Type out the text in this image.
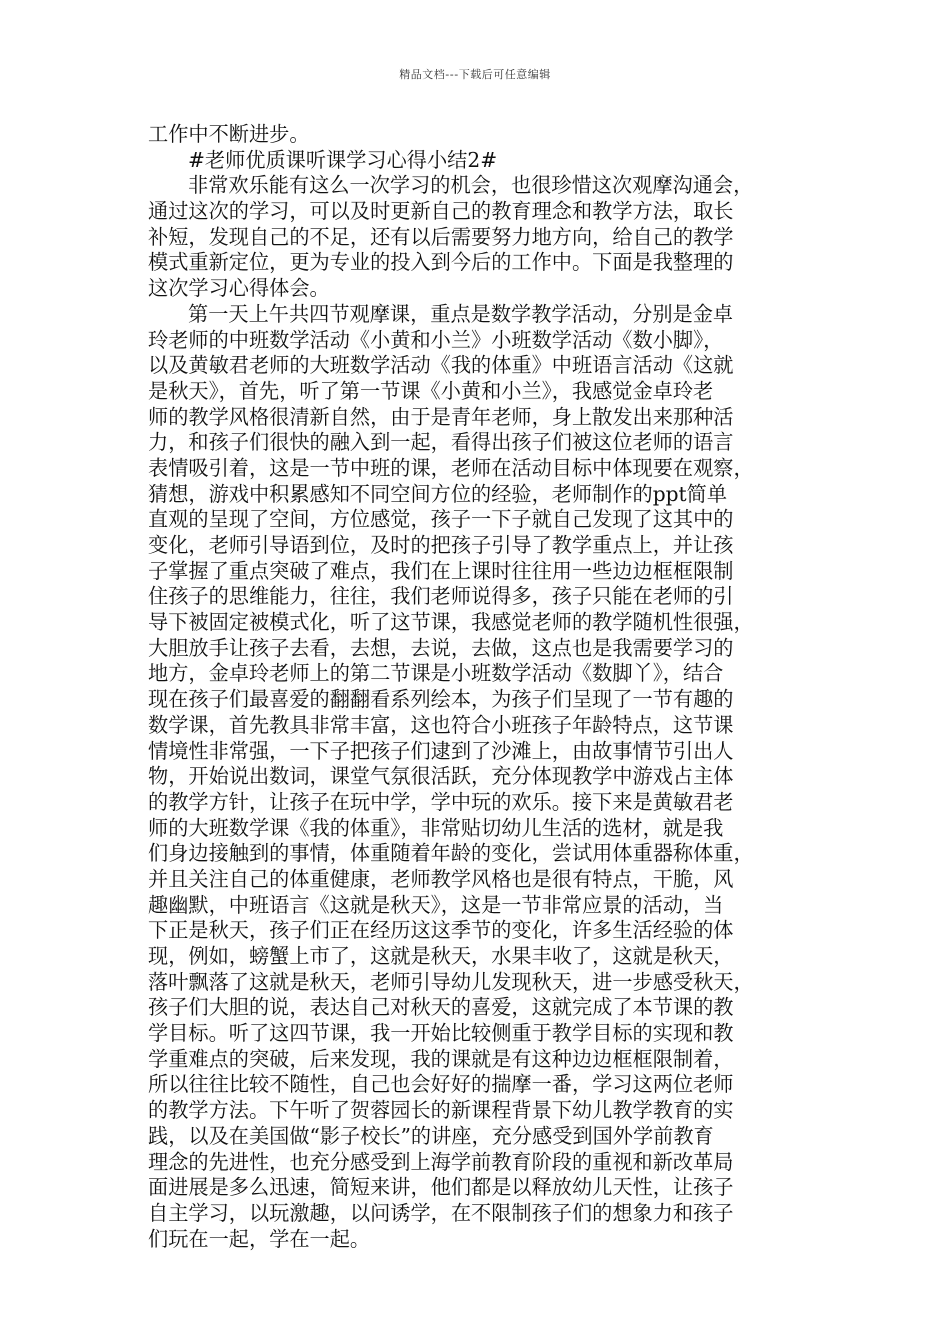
精品文档---下载后可任意编辑
工作中不断进步。
#老师优质课听课学习心得小结2#
非常欢乐能有这么一次学习的机会，也很珍惜这次观摩沟通会，
通过这次的学习，可以及时更新自己的教育理念和教学方法，取长
补短，发现自己的不足，还有以后需要努力地方向，给自己的教学
模式重新定位，更为专业的投入到今后的工作中。下面是我整理的
这次学习心得体会。
第一天上午共四节观摩课，重点是数学教学活动，分别是金卓
玲老师的中班数学活动《小黄和小兰》小班数学活动《数小脚》，
以及黄敏君老师的大班数学活动《我的体重》中班语言活动《这就
是秋天》，首先，听了第一节课《小黄和小兰》，我感觉金卓玲老
师的教学风格很清新自然，由于是青年老师，身上散发出来那种活
力，和孩子们很快的融入到一起，看得出孩子们被这位老师的语言
表情吸引着，这是一节中班的课，老师在活动目标中体现要在观察，
猜想，游戏中积累感知不同空间方位的经验，老师制作的ppt简单
直观的呈现了空间，方位感觉，孩子一下子就自己发现了这其中的
变化，老师引导语到位，及时的把孩子引导了教学重点上，并让孩
子掌握了重点突破了难点，我们在上课时往往用一些边边框框限制
住孩子的思维能力，往往，我们老师说得多，孩子只能在老师的引
导下被固定被模式化，听了这节课，我感觉老师的教学随机性很强，
大胆放手让孩子去看，去想，去说，去做，这点也是我需要学习的
地方，金卓玲老师上的第二节课是小班数学活动《数脚丫》，结合
现在孩子们最喜爱的翻翻看系列绘本，为孩子们呈现了一节有趣的
数学课，首先教具非常丰富，这也符合小班孩子年龄特点，这节课
情境性非常强，一下子把孩子们逮到了沙滩上，由故事情节引出人
物，开始说出数词，课堂气氛很活跃，充分体现教学中游戏占主体
的教学方针，让孩子在玩中学，学中玩的欢乐。接下来是黄敏君老
师的大班数学课《我的体重》，非常贴切幼儿生活的选材，就是我
们身边接触到的事情，体重随着年龄的变化，尝试用体重器称体重，
并且关注自己的体重健康，老师教学风格也是很有特点，干脆，风
趣幽默，中班语言《这就是秋天》，这是一节非常应景的活动，当
下正是秋天，孩子们正在经历这这季节的变化，许多生活经验的体
现，例如，螃蟹上市了，这就是秋天，水果丰收了，这就是秋天，
落叶飘落了这就是秋天，老师引导幼儿发现秋天，进一步感受秋天，
孩子们大胆的说，表达自己对秋天的喜爱，这就完成了本节课的教
学目标。听了这四节课，我一开始比较侧重于教学目标的实现和教
学重难点的突破，后来发现，我的课就是有这种边边框框限制着，
所以往往比较不随性，自己也会好好的揣摩一番，学习这两位老师
的教学方法。下午听了贺蓉园长的新课程背景下幼儿教学教育的实
践，以及在美国做“影子校长”的讲座，充分感受到国外学前教育
理念的先进性，也充分感受到上海学前教育阶段的重视和新改革局
面进展是多么迅速，简短来讲，他们都是以释放幼儿天性，让孩子
自主学习，以玩激趣，以问诱学，在不限制孩子们的想象力和孩子
们玩在一起，学在一起。
